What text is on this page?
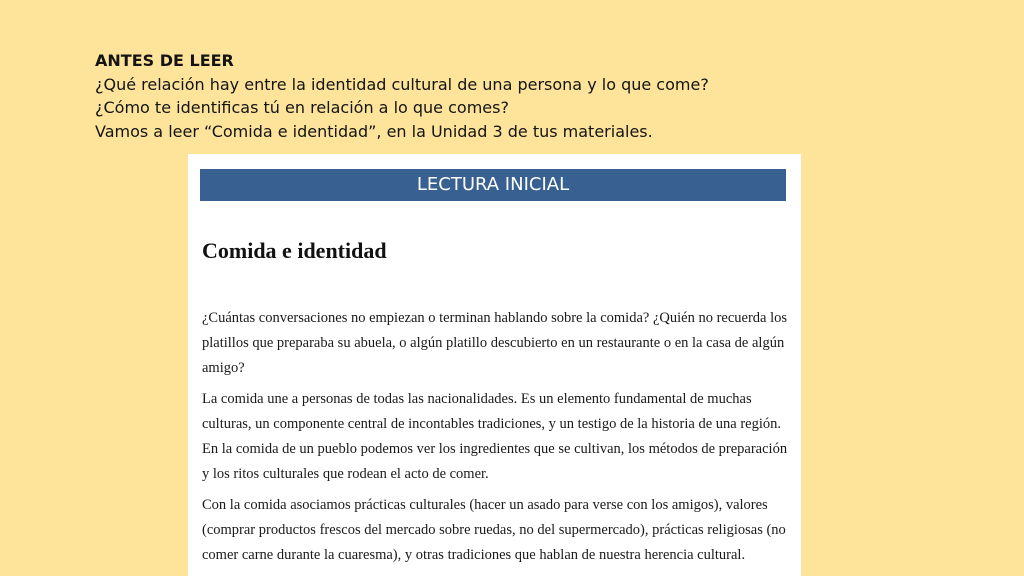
ANTES DE LEER
¿Qué relación hay entre la identidad cultural de una persona y lo que come?
¿Cómo te identificas tú en relación a lo que comes?
Vamos a leer “Comida e identidad”, en la Unidad 3 de tus materiales.
LECTURA INICIAL
Comida e identidad
¿Cuántas conversaciones no empiezan o terminan hablando sobre la comida? ¿Quién no recuerda los
platillos que preparaba su abuela, o algún platillo descubierto en un restaurante o en la casa de algún
amigo?
La comida une a personas de todas las nacionalidades. Es un elemento fundamental de muchas
culturas, un componente central de incontables tradiciones, y un testigo de la historia de una región.
En la comida de un pueblo podemos ver los ingredientes que se cultivan, los métodos de preparación
y los ritos culturales que rodean el acto de comer.
Con la comida asociamos prácticas culturales (hacer un asado para verse con los amigos), valores
(comprar productos frescos del mercado sobre ruedas, no del supermercado), prácticas religiosas (no
comer carne durante la cuaresma), y otras tradiciones que hablan de nuestra herencia cultural.
